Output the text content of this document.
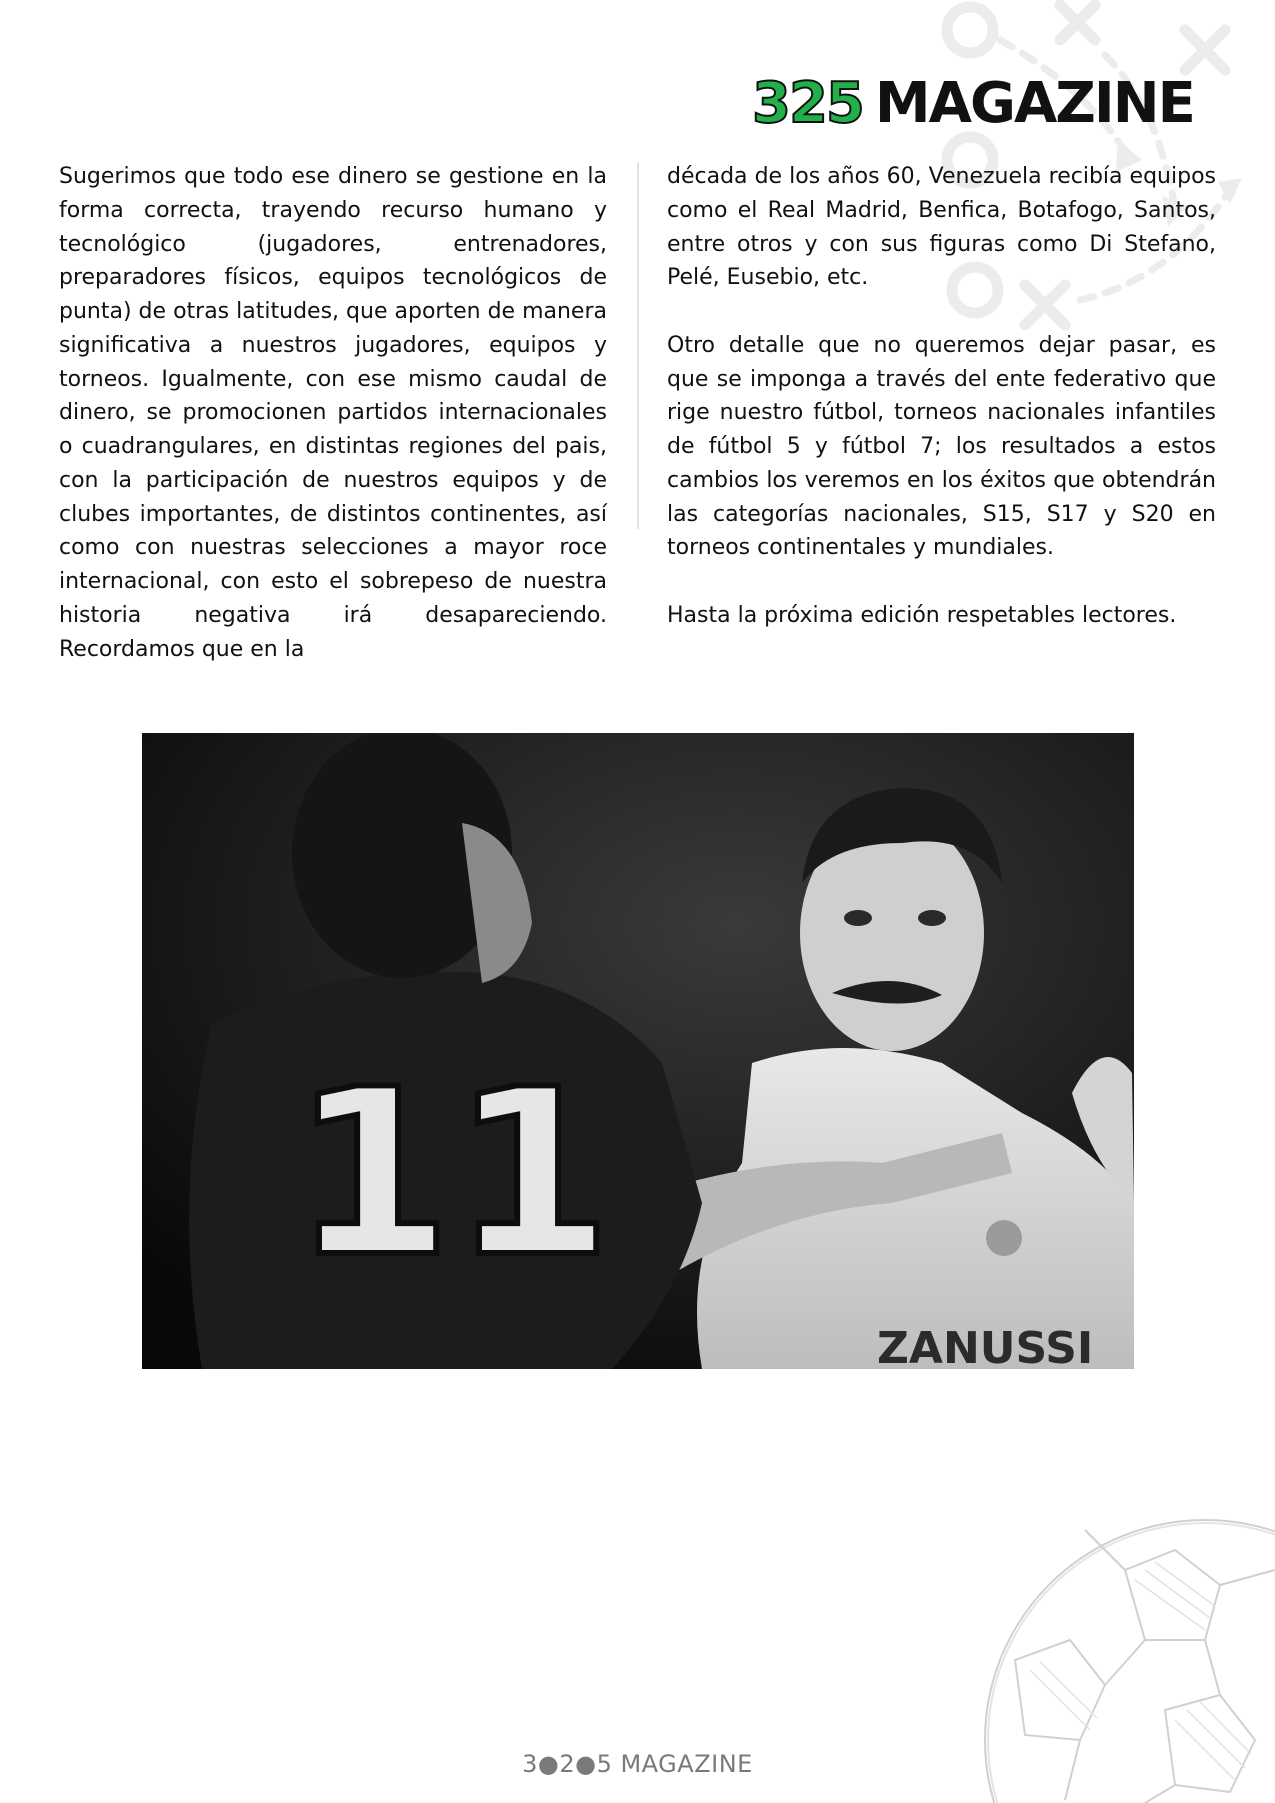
325 MAGAZINE

Sugerimos que todo ese dinero se gestione en la forma correcta, trayendo recurso humano y tecnológico (jugadores, entrenadores, preparadores físicos, equipos tecnológicos de punta) de otras latitudes, que aporten de manera significativa a nuestros jugadores, equipos y torneos. Igualmente, con ese mismo caudal de dinero, se promocionen partidos internacionales o cuadrangulares, en distintas regiones del pais, con la participación de nuestros equipos y de clubes importantes, de distintos continentes, así como con nuestras selecciones a mayor roce internacional, con esto el sobrepeso de nuestra historia negativa irá desapareciendo. Recordamos que en la

década de los años 60, Venezuela recibía equipos como el Real Madrid, Benfica, Botafogo, Santos, entre otros y con sus figuras como Di Stefano, Pelé, Eusebio, etc.

Otro detalle que no queremos dejar pasar, es que se imponga a través del ente federativo que rige nuestro fútbol, torneos nacionales infantiles de fútbol 5 y fútbol 7; los resultados a estos cambios los veremos en los éxitos que obtendrán las categorías nacionales, S15, S17 y S20 en torneos continentales y mundiales.

Hasta la próxima edición respetables lectores.

ZANUSSI
11
3●2●5 MAGAZINE
